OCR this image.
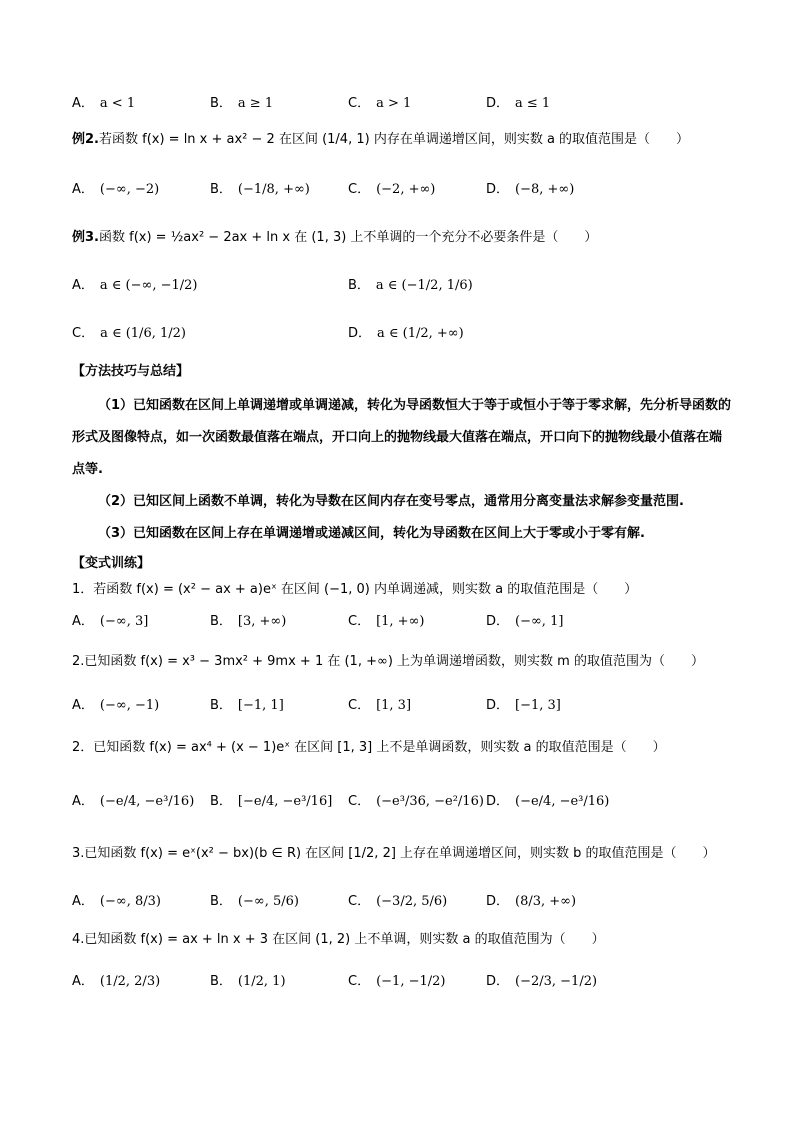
A． a < 1	B． a ≥ 1	C． a > 1	D． a ≤ 1
例2.若函数 f(x) = ln x + ax² − 2 在区间 (1/4, 1) 内存在单调递增区间，则实数 a 的取值范围是（　　）
A． (−∞, −2)	B． (−1/8, +∞)	C． (−2, +∞)	D． (−8, +∞)
例3.函数 f(x) = ½ax² − 2ax + ln x 在 (1, 3) 上不单调的一个充分不必要条件是（　　）
A． a ∈ (−∞, −1/2)	B． a ∈ (−1/2, 1/6)
C． a ∈ (1/6, 1/2)	D． a ∈ (1/2, +∞)
【方法技巧与总结】
（1）已知函数在区间上单调递增或单调递减，转化为导函数恒大于等于或恒小于等于零求解，先分析导函数的形式及图像特点，如一次函数最值落在端点，开口向上的抛物线最大值落在端点，开口向下的抛物线最小值落在端点等.
（2）已知区间上函数不单调，转化为导数在区间内存在变号零点，通常用分离变量法求解参变量范围.
（3）已知函数在区间上存在单调递增或递减区间，转化为导函数在区间上大于零或小于零有解.
【变式训练】
1．若函数 f(x) = (x² − ax + a)eˣ 在区间 (−1, 0) 内单调递减，则实数 a 的取值范围是（　　）
A． (−∞, 3]	B． [3, +∞)	C． [1, +∞)	D． (−∞, 1]
2.已知函数 f(x) = x³ − 3mx² + 9mx + 1 在 (1, +∞) 上为单调递增函数，则实数 m 的取值范围为（　　）
A． (−∞, −1)	B． [−1, 1]	C． [1, 3]	D． [−1, 3]
2．已知函数 f(x) = ax⁴ + (x − 1)eˣ 在区间 [1, 3] 上不是单调函数，则实数 a 的取值范围是（　　）
A． (−e/4, −e³/16) B． [−e/4, −e³/16] C． (−e³/36, −e²/16) D． (−e/4, −e³/16)
3.已知函数 f(x) = eˣ(x² − bx)(b ∈ R) 在区间 [1/2, 2] 上存在单调递增区间，则实数 b 的取值范围是（　　）
A． (−∞, 8/3)	B． (−∞, 5/6)	C． (−3/2, 5/6)	D． (8/3, +∞)
4.已知函数 f(x) = ax + ln x + 3 在区间 (1, 2) 上不单调，则实数 a 的取值范围为（　　）
A． (1/2, 2/3)	B． (1/2, 1)	C． (−1, −1/2)	D． (−2/3, −1/2)
